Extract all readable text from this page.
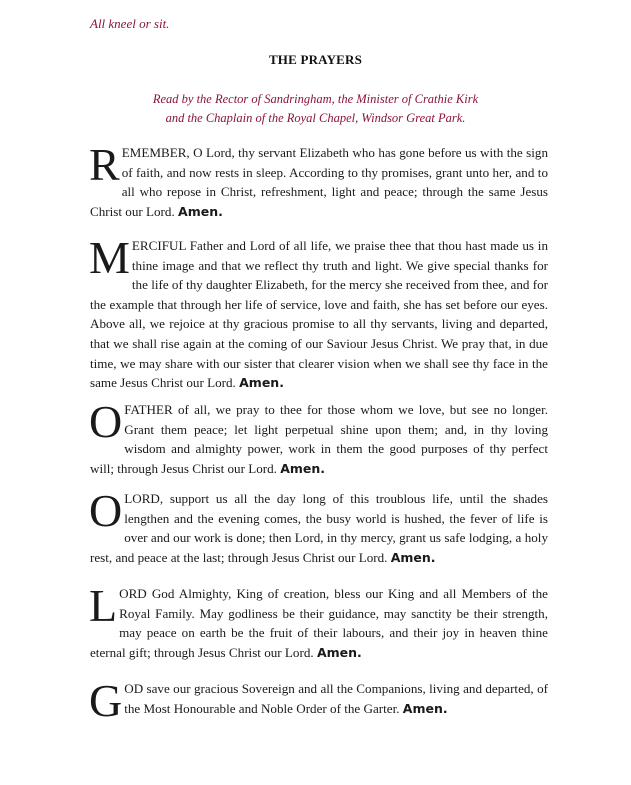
All kneel or sit.
THE PRAYERS
Read by the Rector of Sandringham, the Minister of Crathie Kirk
and the Chaplain of the Royal Chapel, Windsor Great Park.
R EMEMBER, O Lord, thy servant Elizabeth who has gone before us with the sign of faith, and now rests in sleep. According to thy promises, grant unto her, and to all who repose in Christ, refreshment, light and peace; through the same Jesus Christ our Lord. Amen.
M ERCIFUL Father and Lord of all life, we praise thee that thou hast made us in thine image and that we reflect thy truth and light. We give special thanks for the life of thy daughter Elizabeth, for the mercy she received from thee, and for the example that through her life of service, love and faith, she has set before our eyes. Above all, we rejoice at thy gracious promise to all thy servants, living and departed, that we shall rise again at the coming of our Saviour Jesus Christ. We pray that, in due time, we may share with our sister that clearer vision when we shall see thy face in the same Jesus Christ our Lord. Amen.
O FATHER of all, we pray to thee for those whom we love, but see no longer. Grant them peace; let light perpetual shine upon them; and, in thy loving wisdom and almighty power, work in them the good purposes of thy perfect will; through Jesus Christ our Lord. Amen.
O LORD, support us all the day long of this troublous life, until the shades lengthen and the evening comes, the busy world is hushed, the fever of life is over and our work is done; then Lord, in thy mercy, grant us safe lodging, a holy rest, and peace at the last; through Jesus Christ our Lord. Amen.
L ORD God Almighty, King of creation, bless our King and all Members of the Royal Family. May godliness be their guidance, may sanctity be their strength, may peace on earth be the fruit of their labours, and their joy in heaven thine eternal gift; through Jesus Christ our Lord. Amen.
G OD save our gracious Sovereign and all the Companions, living and departed, of the Most Honourable and Noble Order of the Garter. Amen.
